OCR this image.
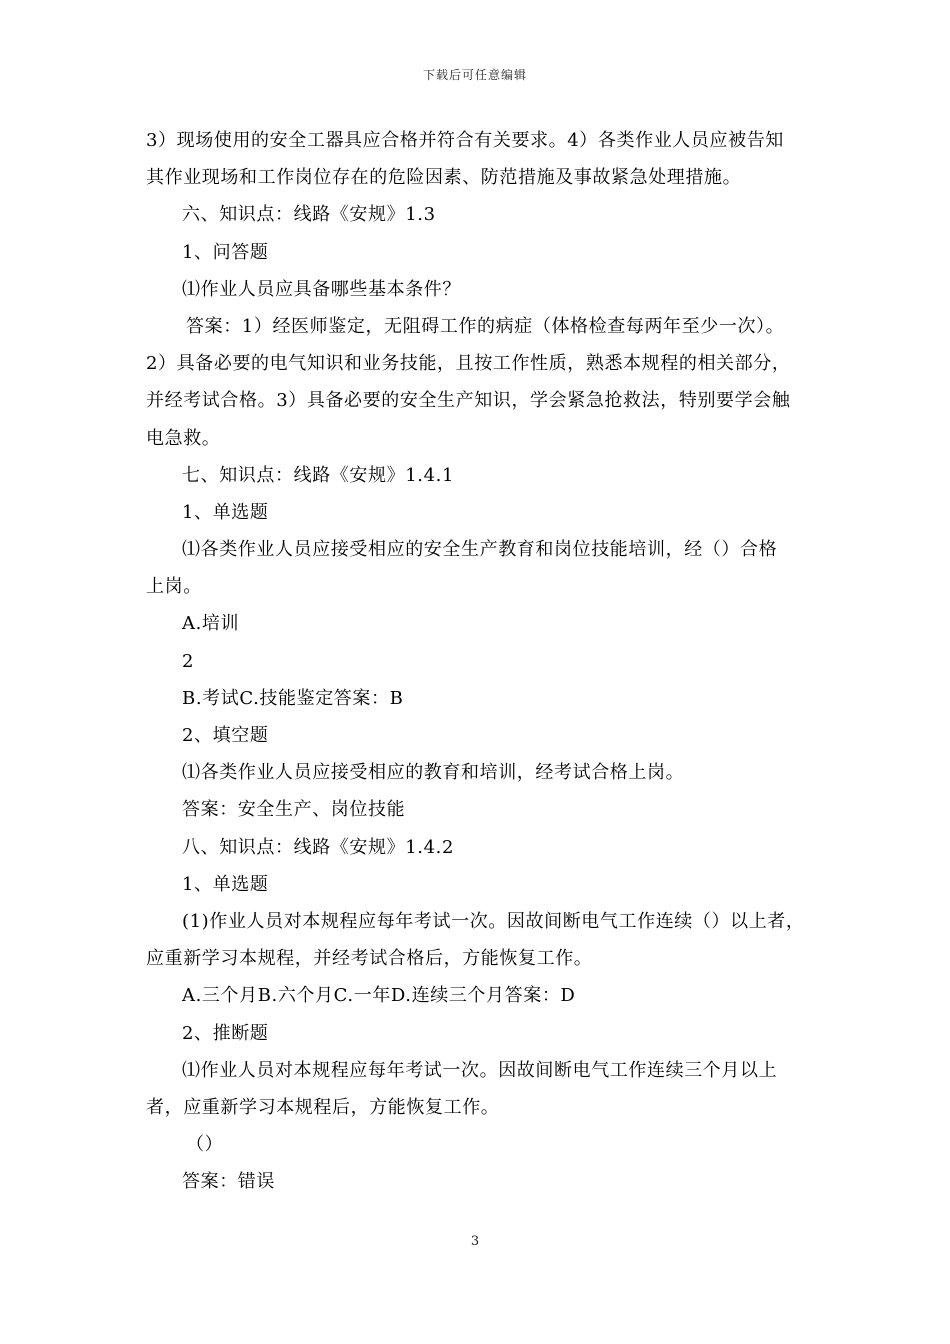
下载后可任意编辑
3）现场使用的安全工器具应合格并符合有关要求。4）各类作业人员应被告知
其作业现场和工作岗位存在的危险因素、防范措施及事故紧急处理措施。
六、知识点：线路《安规》1.3
1、问答题
⑴作业人员应具备哪些基本条件？
答案：1）经医师鉴定，无阻碍工作的病症（体格检查每两年至少一次）。
2）具备必要的电气知识和业务技能，且按工作性质，熟悉本规程的相关部分，
并经考试合格。3）具备必要的安全生产知识，学会紧急抢救法，特别要学会触
电急救。
七、知识点：线路《安规》1.4.1
1、单选题
⑴各类作业人员应接受相应的安全生产教育和岗位技能培训，经（）合格
上岗。
A.培训
2
B.考试C.技能鉴定答案：B
2、填空题
⑴各类作业人员应接受相应的教育和培训，经考试合格上岗。
答案：安全生产、岗位技能
八、知识点：线路《安规》1.4.2
1、单选题
(1)作业人员对本规程应每年考试一次。因故间断电气工作连续（）以上者，
应重新学习本规程，并经考试合格后，方能恢复工作。
A.三个月B.六个月C.一年D.连续三个月答案：D
2、推断题
⑴作业人员对本规程应每年考试一次。因故间断电气工作连续三个月以上
者，应重新学习本规程后，方能恢复工作。
（）
答案：错误
3
